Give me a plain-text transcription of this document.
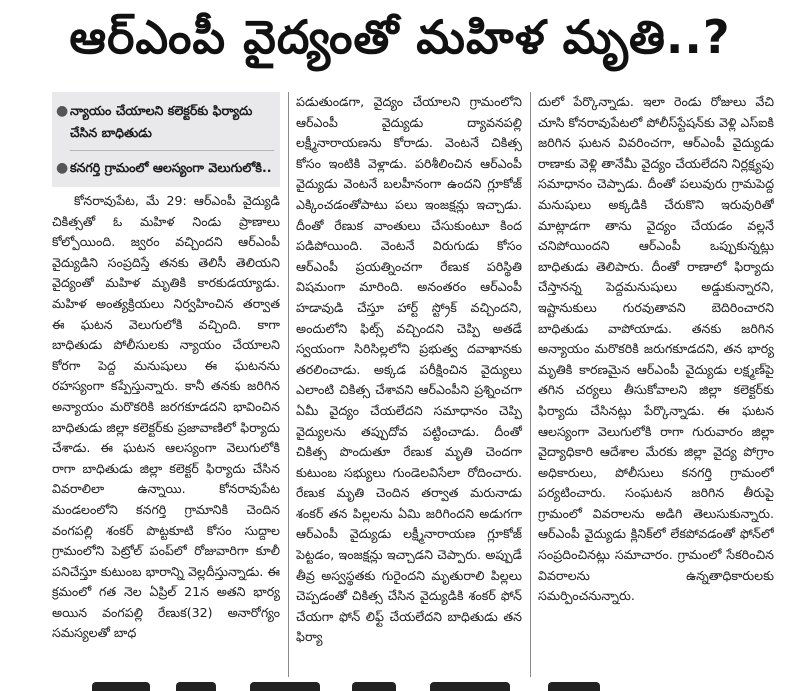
ఆర్‌ఎంపీ వైద్యంతో మహిళ మృతి..?
● న్యాయం చేయాలని కలెక్టర్‌కు ఫిర్యాదు చేసిన బాధితుడు
● కనగర్తి గ్రామంలో ఆలస్యంగా వెలుగులోకి..

కోనరావుపేట, మే 29: ఆర్‌ఎంపీ వైద్యుడి చికిత్సతో ఓ మహిళ నిండు ప్రాణాలు కోల్పోయింది. జ్వరం వచ్చిందని ఆర్‌ఎంపీ వైద్యుడిని సంప్రదిస్తే తనకు తెలిసీ తెలియని వైద్యంతో మహిళ మృతికి కారకుడయ్యాడు. మహిళ అంత్యక్రియలు నిర్వహించిన తర్వాత ఈ ఘటన వెలుగులోకి వచ్చింది. కాగా బాధితుడు పోలీసులకు న్యాయం చేయాలని కోరగా పెద్ద మనుషులు ఈ ఘటనను రహస్యంగా కప్పేస్తున్నారు. కానీ తనకు జరిగిన అన్యాయం మరొకరికి జరగకూడదని భావించిన బాధితుడు జిల్లా కలెక్టర్‌కు ప్రజావాణిలో ఫిర్యాదు చేశాడు. ఈ ఘటన ఆలస్యంగా వెలుగులోకి రాగా బాధితుడు జిల్లా కలెక్టర్ ఫిర్యాదు చేసిన వివరాలిలా ఉన్నాయి. కోనరావుపేట మండలంలోని కనగర్తి గ్రామానికి చెందిన వంగపల్లి శంకర్ పొట్టకూటి కోసం సుద్దాల గ్రామంలోని పెట్రోల్ పంప్‌లో రోజువారిగా కూలీ పనిచేస్తూ కుటుంబ భారాన్ని వెల్లదీస్తున్నాడు. ఈ క్రమంలో గత నెల ఏప్రిల్ 21న అతని భార్య అయిన వంగపల్లి రేణుక(32) అనారోగ్యం సమస్యలతో బాధ

పడుతుండగా, వైద్యం చేయాలని గ్రామంలోని ఆర్‌ఎంపీ వైద్యుడు ద్యావనపల్లి లక్ష్మీనారాయణను కోరాడు. వెంటనే చికిత్స కోసం ఇంటికి వెళ్లాడు. పరిశీలించిన ఆర్‌ఎంపీ వైద్యుడు వెంటనే బలహీనంగా ఉందని గ్లూకోజ్ ఎక్కించడంతోపాటు పలు ఇంజక్షన్లు ఇచ్చాడు. దీంతో రేణుక వాంతులు చేసుకుంటూ కింద పడిపోయింది. వెంటనే విరుగుడు కోసం ఆర్‌ఎంపీ ప్రయత్నించగా రేణుక పరిస్థితి విషమంగా మారింది. అనంతరం ఆర్‌ఎంపీ హడావుడి చేస్తూ హార్ట్ స్ట్రోక్ వచ్చిందని, అందులోని ఫిట్స్ వచ్చిందని చెప్పి అతడే స్వయంగా సిరిసిల్లలోని ప్రభుత్వ దవాఖానకు తరలించాడు. అక్కడ పరీక్షించిన వైద్యులు ఎలాంటి చికిత్స చేశావని ఆర్‌ఎంపీని ప్రశ్నించగా ఏమీ వైద్యం చేయలేదని సమాధానం చెప్పి వైద్యులను తప్పుదోవ పట్టించాడు. దీంతో చికిత్స పొందుతూ రేణుక మృతి చెందగా కుటుంబ సభ్యులు గుండెలవిసేలా రోదించారు. రేణుక మృతి చెందిన తర్వాత మరునాడు శంకర్ తన పిల్లలను ఏమి జరిగిందని అడుగగా ఆర్‌ఎంపీ వైద్యుడు లక్ష్మీనారాయణ గ్లూకోజ్ పెట్టడం, ఇంజక్షన్లు ఇచ్చాడని చెప్పారు. అప్పుడే తీవ్ర అస్వస్థతకు గురైందని మృతురాలి పిల్లలు చెప్పడంతో చికిత్స చేసిన వైద్యుడికి శంకర్ ఫోన్ చేయగా ఫోన్ లిఫ్ట్ చేయలేదని బాధితుడు తన ఫిర్యా

దులో పేర్కొన్నాడు. ఇలా రెండు రోజులు వేచి చూసి కోనరావుపేటలో పోలీస్‌స్టేషన్‌కు వెళ్లి ఎస్ఐకి జరిగిన ఘటన వివరించగా, ఆర్‌ఎంపీ వైద్యుడు రాణాకు వెళ్లి తానేమీ వైద్యం చేయలేదని నిర్లక్ష్యపు సమాధానం చెప్పాడు. దీంతో పలువురు గ్రామపెద్ద మనుషులు అక్కడికి చేరుకొని ఇరువురితో మాట్లాడగా తాను వైద్యం చేయడం వల్లనే చనిపోయిందని ఆర్‌ఎంపీ ఒప్పుకున్నట్లు బాధితుడు తెలిపారు. దీంతో రాణాలో ఫిర్యాదు చేస్తానన్న పెద్దమనుషులు అడ్డుకున్నారని, ఇష్టానుకులు గురవుతావని బెదిరించారని బాధితుడు వాపోయాడు. తనకు జరిగిన అన్యాయం మరొకరికి జరుగకూడదని, తన భార్య మృతికి కారణమైన ఆర్‌ఎంపీ వైద్యుడు లక్ష్మణ్‌పై తగిన చర్యలు తీసుకోవాలని జిల్లా కలెక్టర్‌కు ఫిర్యాదు చేసినట్లు పేర్కొన్నాడు. ఈ ఘటన ఆలస్యంగా వెలుగులోకి రాగా గురువారం జిల్లా వైద్యాధికారి ఆదేశాల మేరకు జిల్లా వైద్య పోగ్రాం అధికారులు, పోలీసులు కనగర్తి గ్రామంలో పర్యటించారు. సంఘటన జరిగిన తీరుపై గ్రామంలో వివరాలను అడిగి తెలుసుకున్నారు. ఆర్‌ఎంపీ వైద్యుడు క్లినిక్‌లో లేకపోవడంతో ఫోన్‌లో సంప్రదించినట్లు సమాచారం. గ్రామంలో సేకరించిన వివరాలను ఉన్నతాధికారులకు సమర్పించనున్నారు.
